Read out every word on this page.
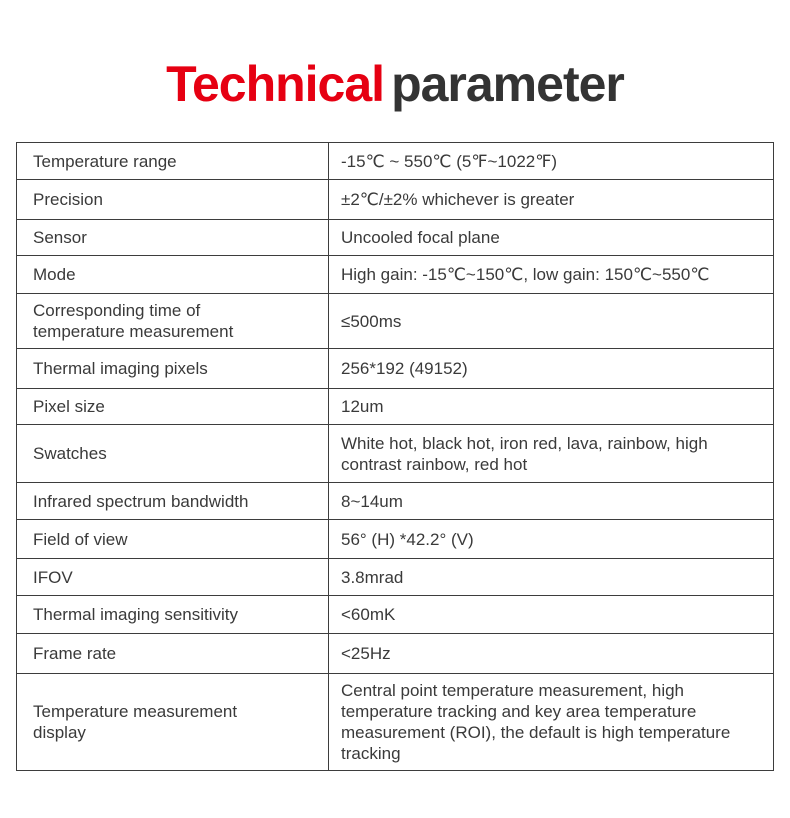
Technical parameter
Temperature range	-15℃ ~ 550℃ (5℉~1022℉)
Precision	±2℃/±2% whichever is greater
Sensor	Uncooled focal plane
Mode	High gain: -15℃~150℃, low gain: 150℃~550℃
Corresponding time of temperature measurement	≤500ms
Thermal imaging pixels	256*192 (49152)
Pixel size	12um
Swatches	White hot, black hot, iron red, lava, rainbow, high contrast rainbow, red hot
Infrared spectrum bandwidth	8~14um
Field of view	56° (H) *42.2° (V)
IFOV	3.8mrad
Thermal imaging sensitivity	<60mK
Frame rate	<25Hz
Temperature measurement display	Central point temperature measurement, high temperature tracking and key area temperature measurement (ROI), the default is high temperature tracking
